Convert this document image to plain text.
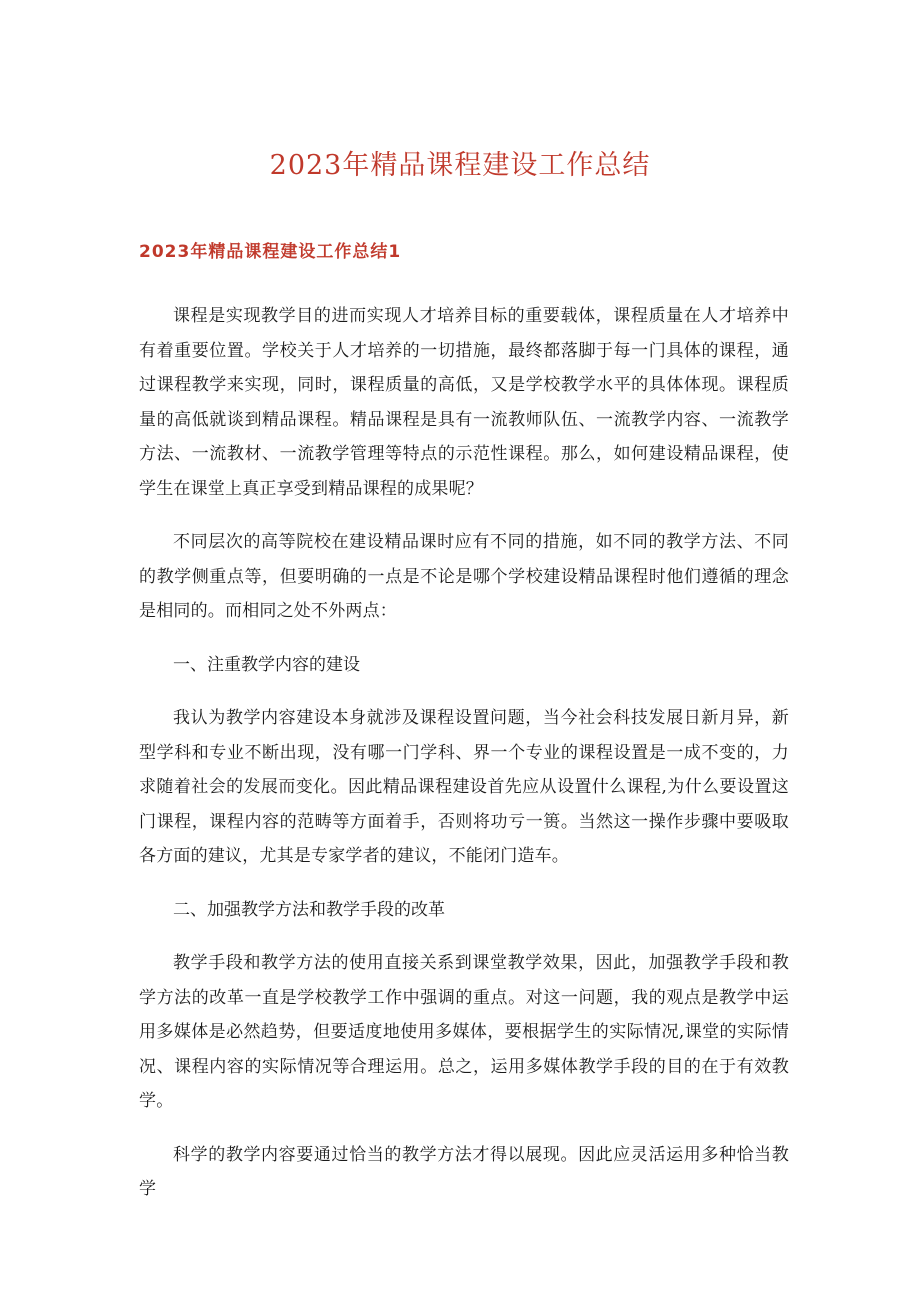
2023年精品课程建设工作总结
2023年精品课程建设工作总结1

课程是实现教学目的进而实现人才培养目标的重要载体，课程质量在人才培养中有着重要位置。学校关于人才培养的一切措施，最终都落脚于每一门具体的课程，通过课程教学来实现，同时，课程质量的高低，又是学校教学水平的具体体现。课程质量的高低就谈到精品课程。精品课程是具有一流教师队伍、一流教学内容、一流教学方法、一流教材、一流教学管理等特点的示范性课程。那么，如何建设精品课程，使学生在课堂上真正享受到精品课程的成果呢？

不同层次的高等院校在建设精品课时应有不同的措施，如不同的教学方法、不同的教学侧重点等，但要明确的一点是不论是哪个学校建设精品课程时他们遵循的理念是相同的。而相同之处不外两点：

一、注重教学内容的建设

我认为教学内容建设本身就涉及课程设置问题，当今社会科技发展日新月异，新型学科和专业不断出现，没有哪一门学科、界一个专业的课程设置是一成不变的，力求随着社会的发展而变化。因此精品课程建设首先应从设置什么课程,为什么要设置这门课程，课程内容的范畴等方面着手，否则将功亏一篑。当然这一操作步骤中要吸取各方面的建议，尤其是专家学者的建议，不能闭门造车。

二、加强教学方法和教学手段的改革

教学手段和教学方法的使用直接关系到课堂教学效果，因此，加强教学手段和教学方法的改革一直是学校教学工作中强调的重点。对这一问题，我的观点是教学中运用多媒体是必然趋势，但要适度地使用多媒体，要根据学生的实际情况,课堂的实际情况、课程内容的实际情况等合理运用。总之，运用多媒体教学手段的目的在于有效教学。

科学的教学内容要通过恰当的教学方法才得以展现。因此应灵活运用多种恰当教学
